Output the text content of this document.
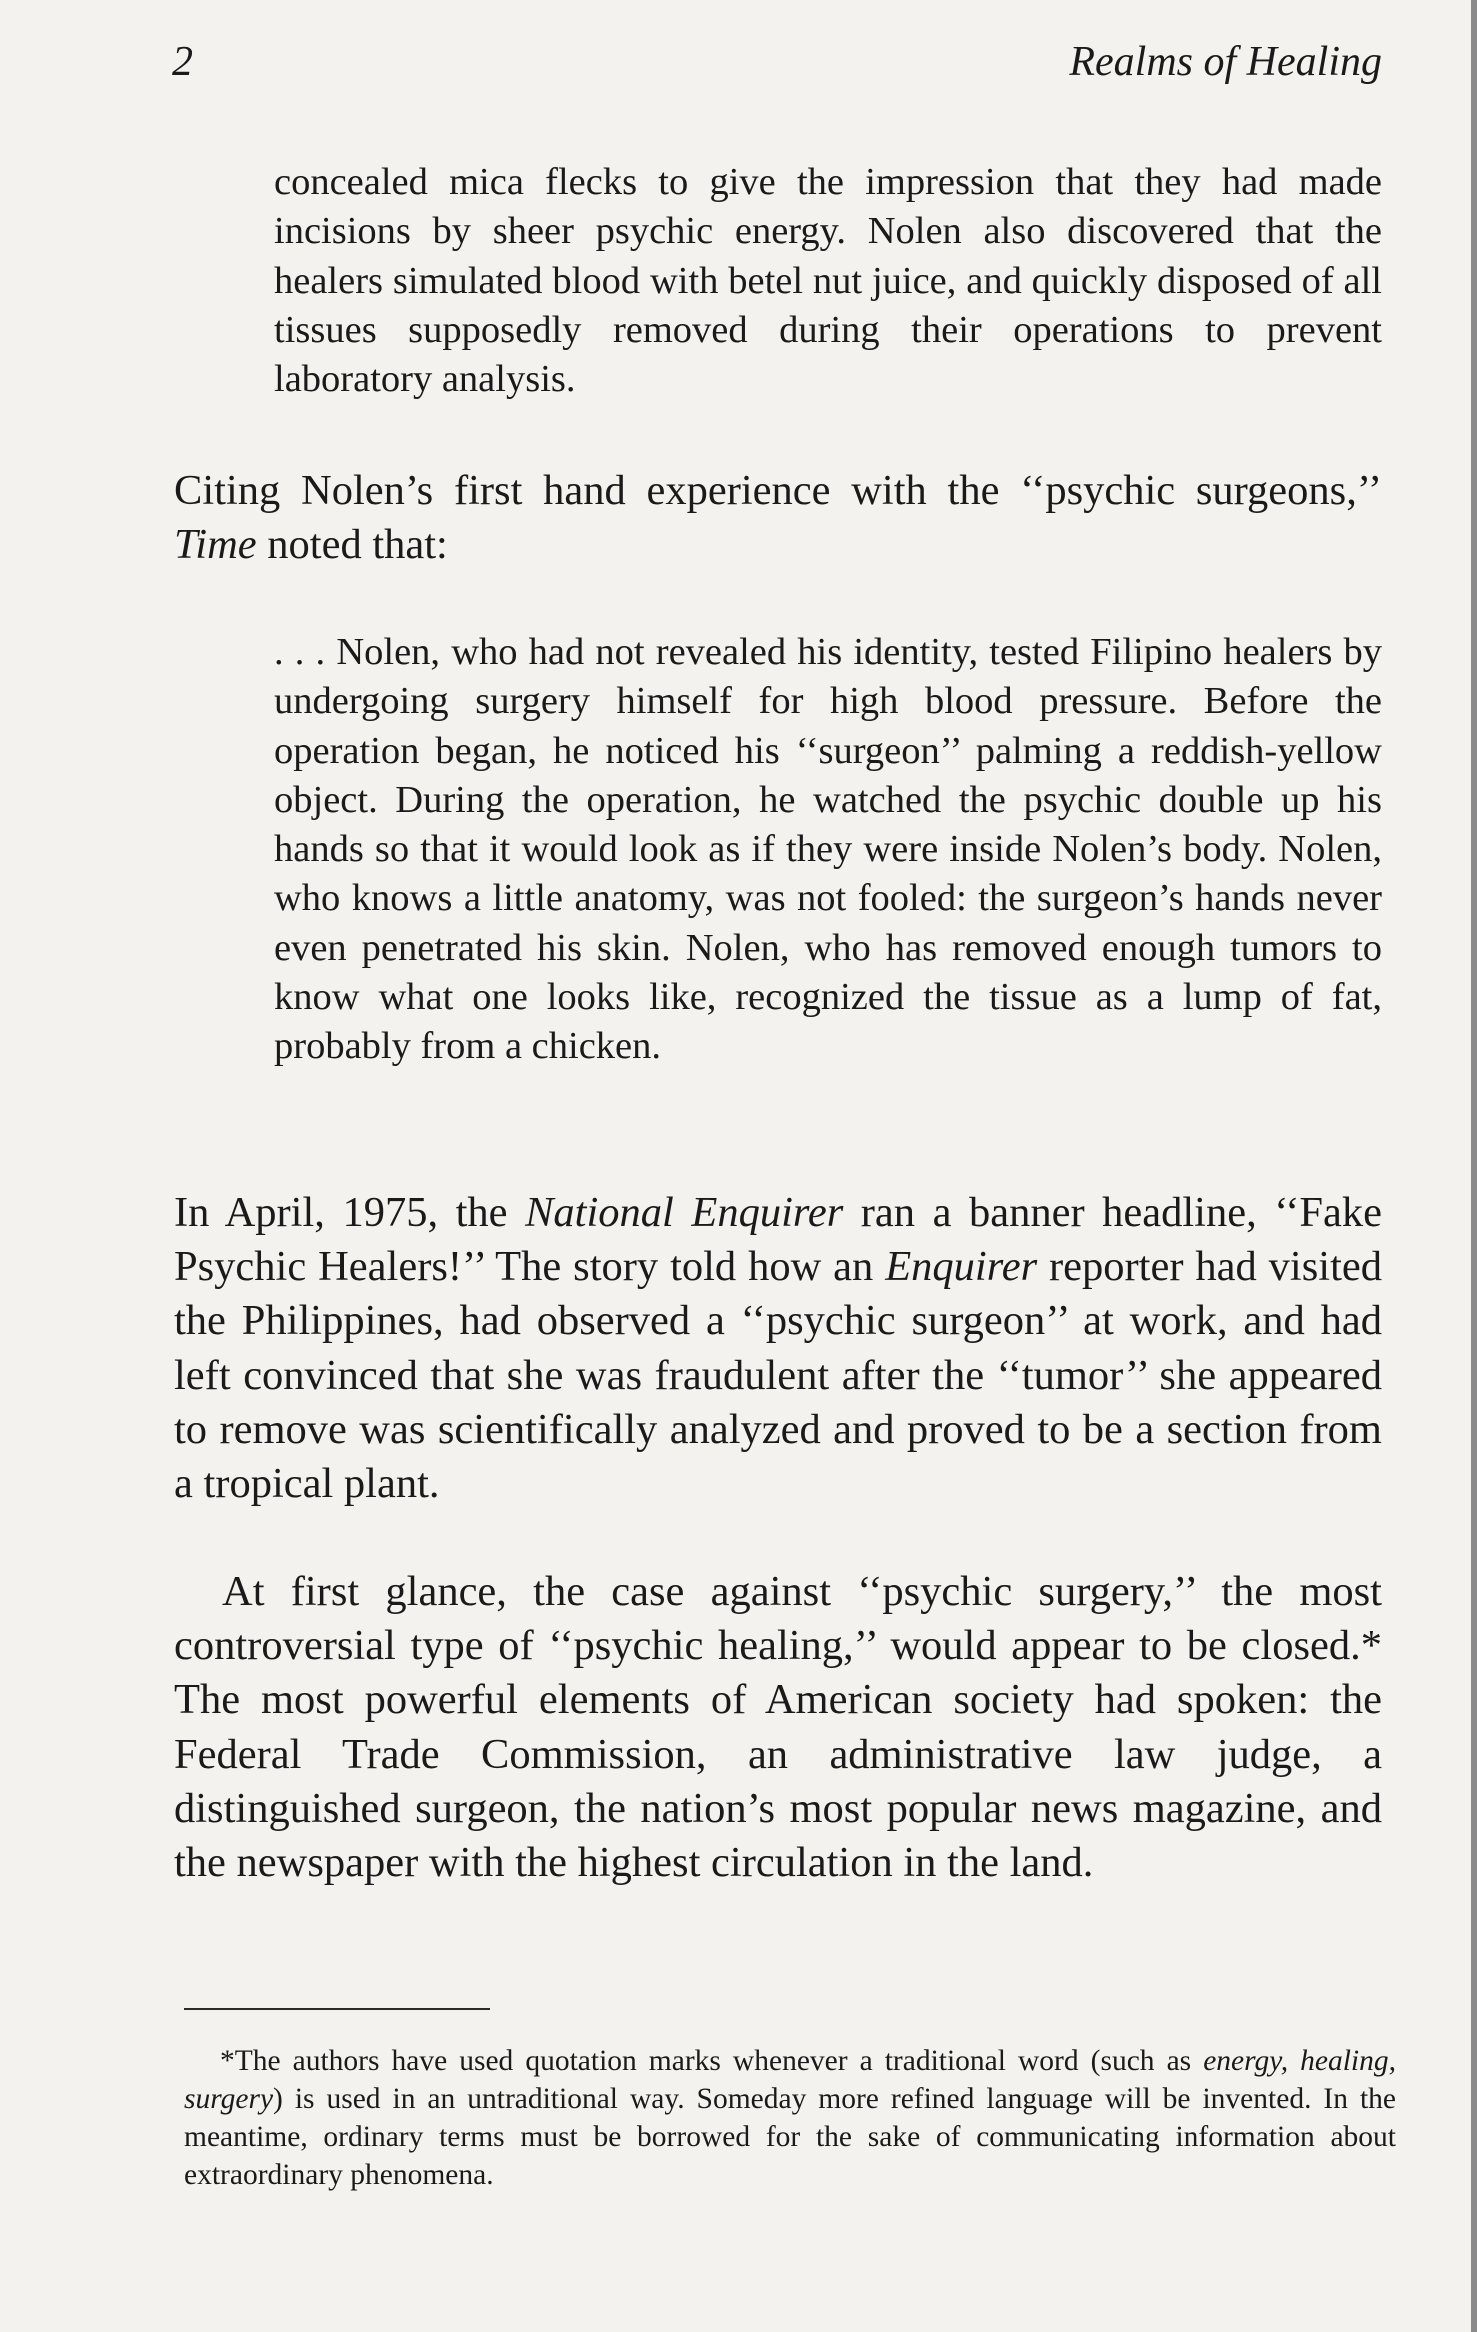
2	Realms of Healing

concealed mica flecks to give the impression that they had made incisions by sheer psychic energy. Nolen also discovered that the healers simulated blood with betel nut juice, and quickly disposed of all tissues supposedly removed during their operations to prevent laboratory analysis.

Citing Nolen’s first hand experience with the ‘‘psychic surgeons,’’ Time noted that:

. . . Nolen, who had not revealed his identity, tested Filipino healers by undergoing surgery himself for high blood pressure. Before the operation began, he noticed his ‘‘surgeon’’ palming a reddish-yellow object. During the operation, he watched the psychic double up his hands so that it would look as if they were inside Nolen’s body. Nolen, who knows a little anatomy, was not fooled: the surgeon’s hands never even penetrated his skin. Nolen, who has removed enough tumors to know what one looks like, recognized the tissue as a lump of fat, probably from a chicken.

In April, 1975, the National Enquirer ran a banner headline, ‘‘Fake Psychic Healers!’’ The story told how an Enquirer reporter had visited the Philippines, had observed a ‘‘psychic surgeon’’ at work, and had left convinced that she was fraudulent after the ‘‘tumor’’ she appeared to remove was scientifically analyzed and proved to be a section from a tropical plant.

At first glance, the case against ‘‘psychic surgery,’’ the most controversial type of ‘‘psychic healing,’’ would appear to be closed.* The most powerful elements of American society had spoken: the Federal Trade Commission, an administrative law judge, a distinguished surgeon, the nation’s most popular news magazine, and the newspaper with the highest circulation in the land.

*The authors have used quotation marks whenever a traditional word (such as energy, healing, surgery) is used in an untraditional way. Someday more refined language will be invented. In the meantime, ordinary terms must be borrowed for the sake of communicating information about extraordinary phenomena.
